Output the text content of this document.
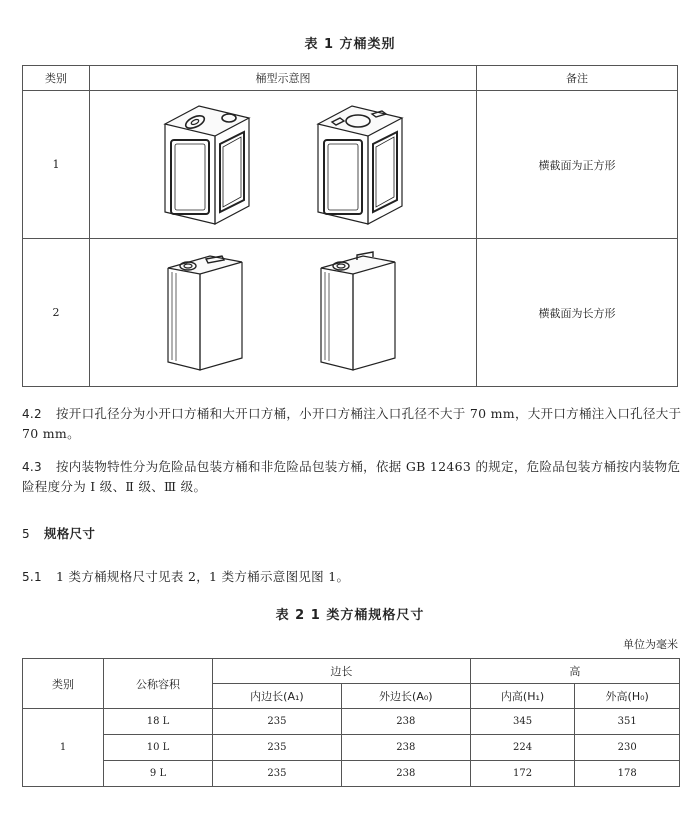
表 1 方桶类别
类别	桶型示意图	备注
1		横截面为正方形
2		横截面为长方形
4.2 按开口孔径分为小开口方桶和大开口方桶，小开口方桶注入口孔径不大于 70 mm，大开口方桶注入口孔径大于 70 mm。
4.3 按内装物特性分为危险品包装方桶和非危险品包装方桶，依据 GB 12463 的规定，危险品包装方桶按内装物危险程度分为 Ⅰ 级、Ⅱ 级、Ⅲ 级。
5 规格尺寸
5.1 1 类方桶规格尺寸见表 2，1 类方桶示意图见图 1。
表 2 1 类方桶规格尺寸
单位为毫米
类别	公称容积	边长		高	
		内边长(A₁)	外边长(A₀)	内高(H₁)	外高(H₀)
1	18 L	235	238	345	351
	10 L	235	238	224	230
	9 L	235	238	172	178
